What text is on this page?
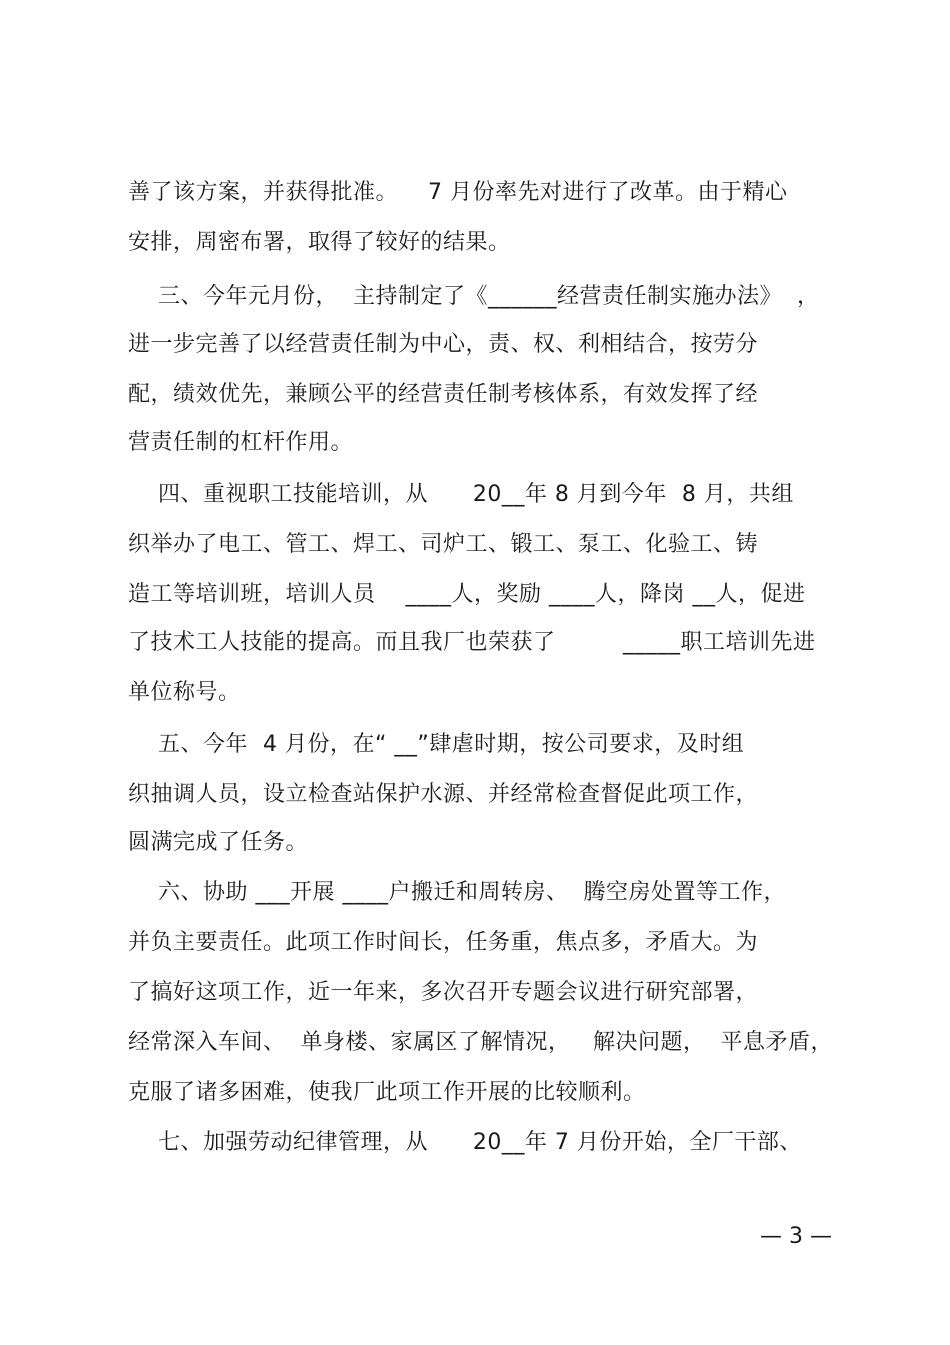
善了该方案，并获得批准。    7 月份率先对进行了改革。由于精心
安排，周密布署，取得了较好的结果。
三、今年元月份，  主持制定了《______经营责任制实施办法》  ，
进一步完善了以经营责任制为中心，责、权、利相结合，按劳分
配，绩效优先，兼顾公平的经营责任制考核体系，有效发挥了经
营责任制的杠杆作用。
四、重视职工技能培训，从      20__年 8 月到今年  8 月，共组
织举办了电工、管工、焊工、司炉工、锻工、泵工、化验工、铸
造工等培训班，培训人员    ____人，奖励 ____人，降岗 __人，促进
了技术工人技能的提高。而且我厂也荣获了         _____职工培训先进
单位称号。
五、今年  4 月份，在“ __”肆虐时期，按公司要求，及时组
织抽调人员，设立检查站保护水源、并经常检查督促此项工作，
圆满完成了任务。
六、协助 ___开展 ____户搬迁和周转房、  腾空房处置等工作，
并负主要责任。此项工作时间长，任务重，焦点多，矛盾大。为
了搞好这项工作，近一年来，多次召开专题会议进行研究部署，
经常深入车间、  单身楼、家属区了解情况，   解决问题，  平息矛盾，
克服了诸多困难，使我厂此项工作开展的比较顺利。
七、加强劳动纪律管理，从      20__年 7 月份开始，全厂干部、
— 3 —
